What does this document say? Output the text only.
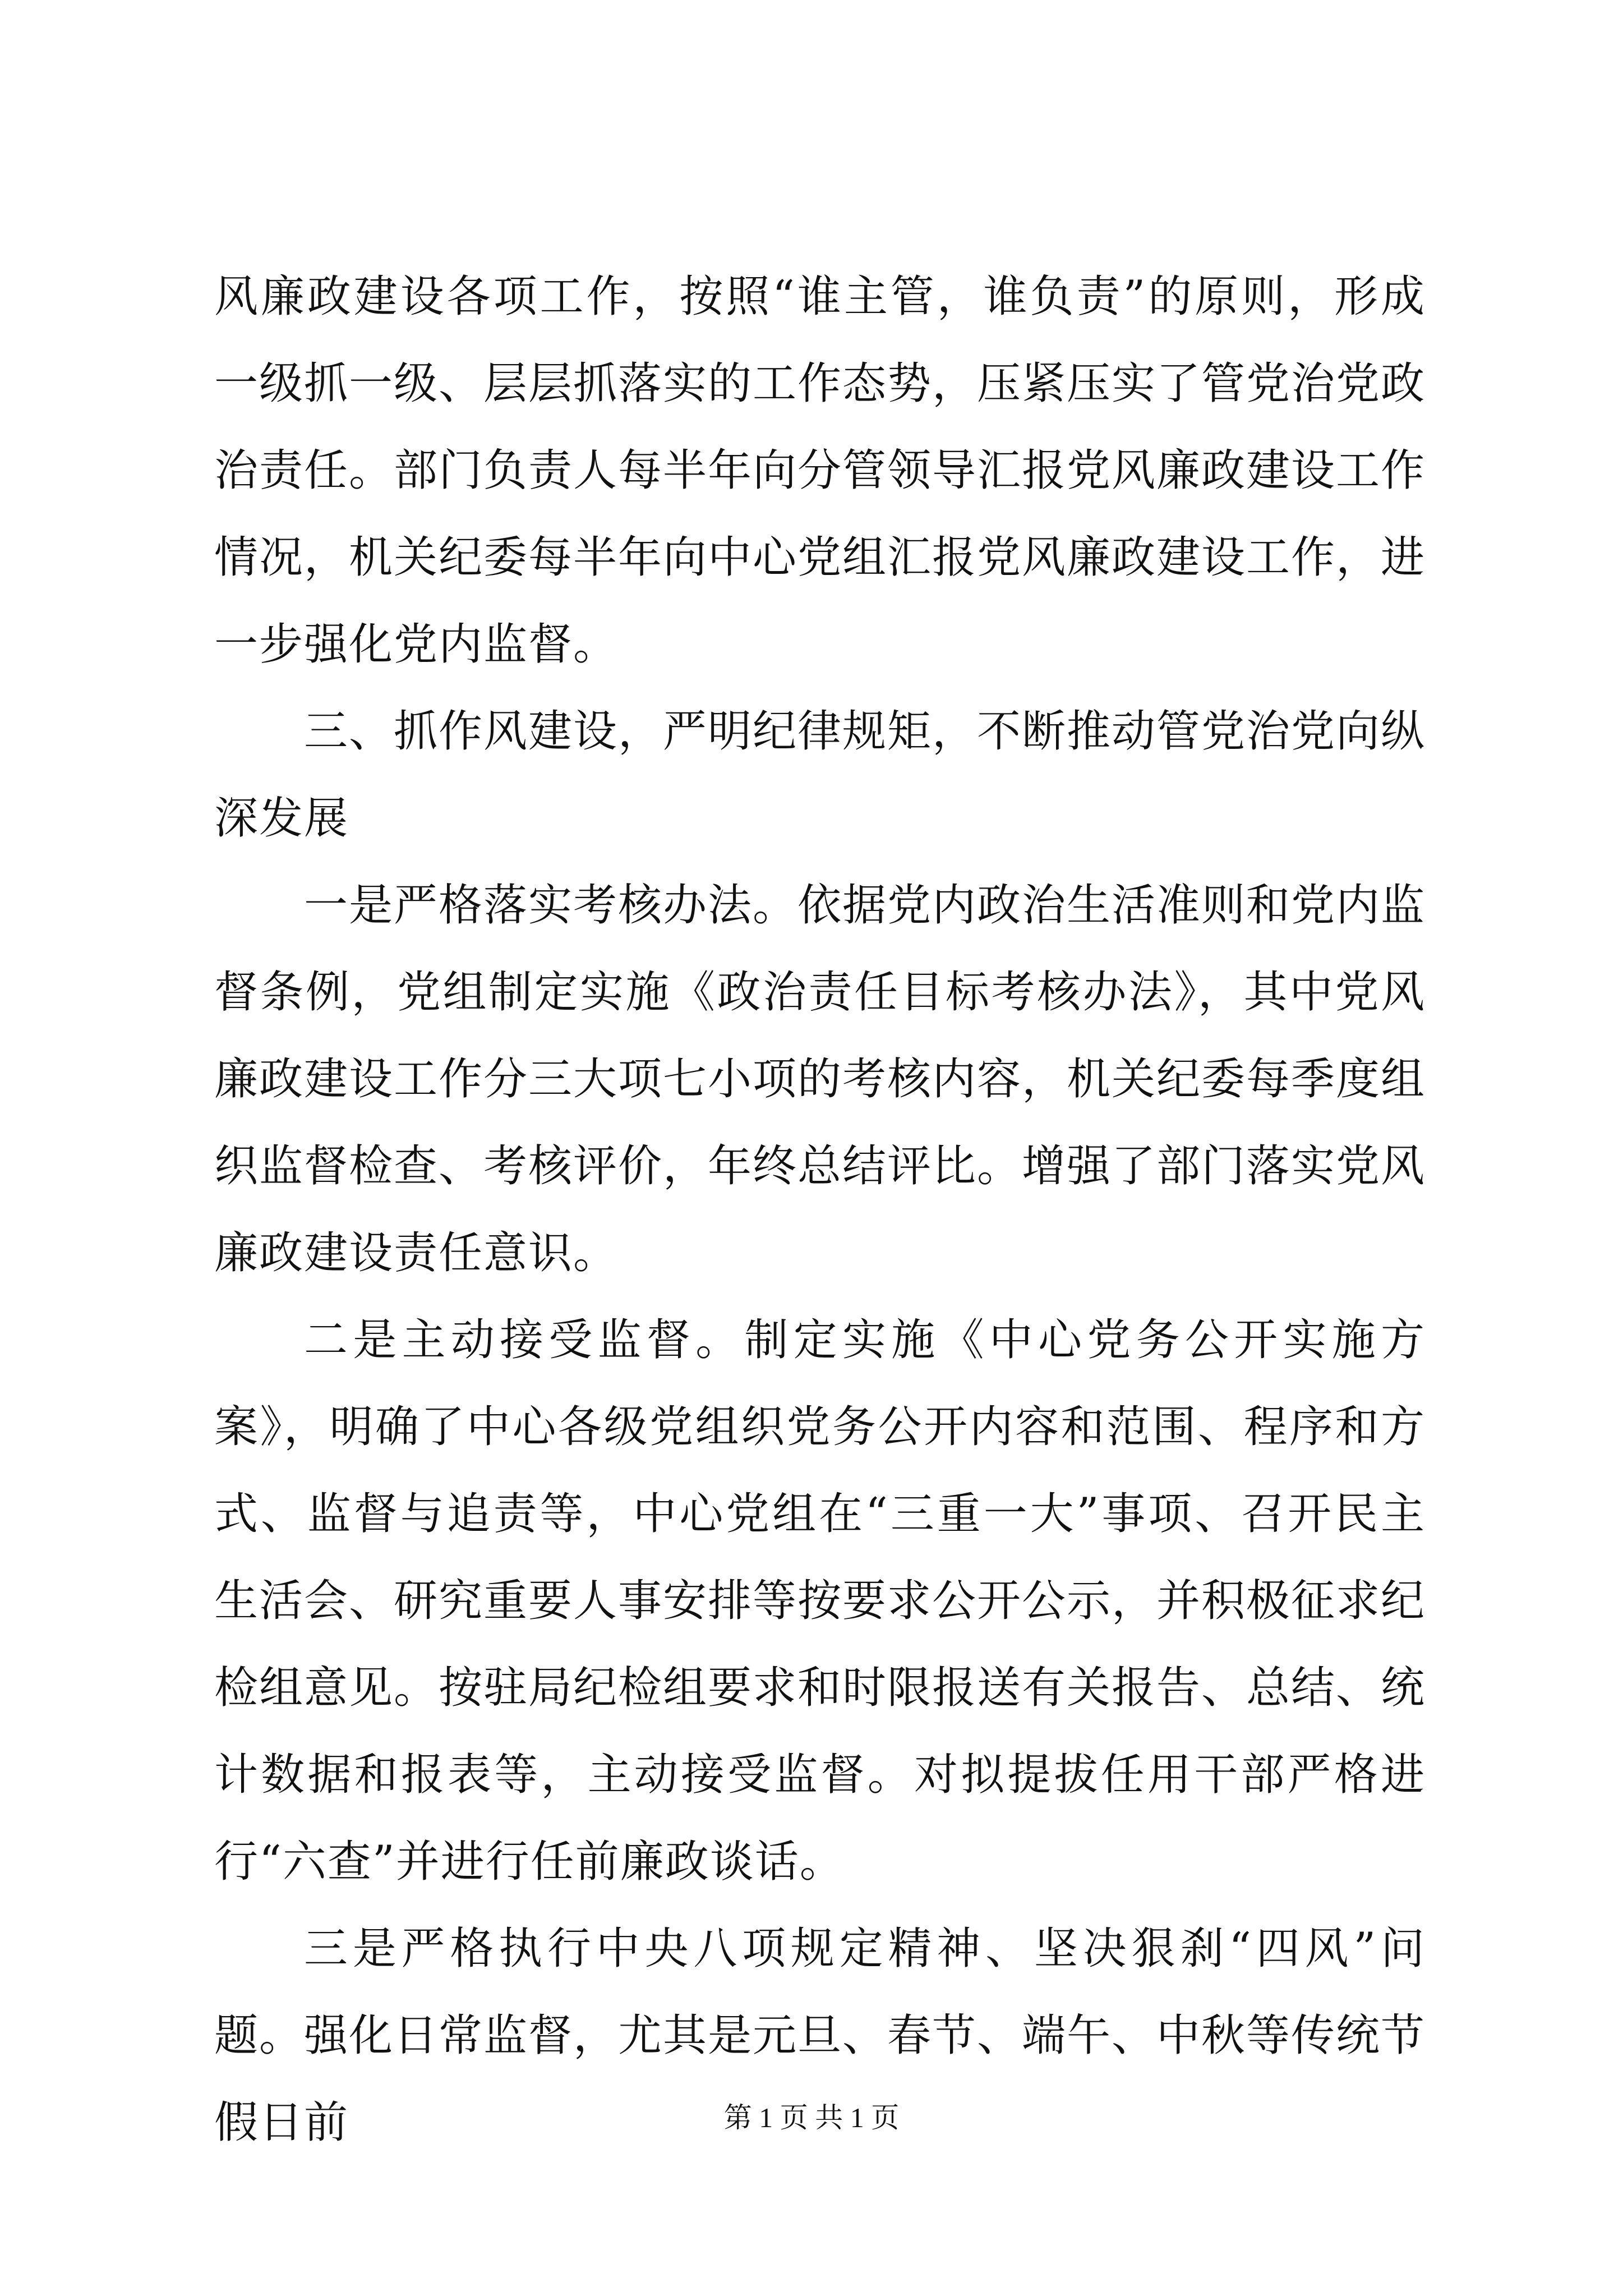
风廉政建设各项工作，按照“谁主管，谁负责”的原则，形成一级抓一级、层层抓落实的工作态势，压紧压实了管党治党政治责任。部门负责人每半年向分管领导汇报党风廉政建设工作情况，机关纪委每半年向中心党组汇报党风廉政建设工作，进一步强化党内监督。

三、抓作风建设，严明纪律规矩，不断推动管党治党向纵深发展

一是严格落实考核办法。依据党内政治生活准则和党内监督条例，党组制定实施《政治责任目标考核办法》，其中党风廉政建设工作分三大项七小项的考核内容，机关纪委每季度组织监督检查、考核评价，年终总结评比。增强了部门落实党风廉政建设责任意识。

二是主动接受监督。制定实施《中心党务公开实施方案》，明确了中心各级党组织党务公开内容和范围、程序和方式、监督与追责等，中心党组在“三重一大”事项、召开民主生活会、研究重要人事安排等按要求公开公示，并积极征求纪检组意见。按驻局纪检组要求和时限报送有关报告、总结、统计数据和报表等，主动接受监督。对拟提拔任用干部严格进行“六查”并进行任前廉政谈话。

三是严格执行中央八项规定精神、坚决狠刹“四风”问题。强化日常监督，尤其是元旦、春节、端午、中秋等传统节假日前	第 1 页 共 1 页
